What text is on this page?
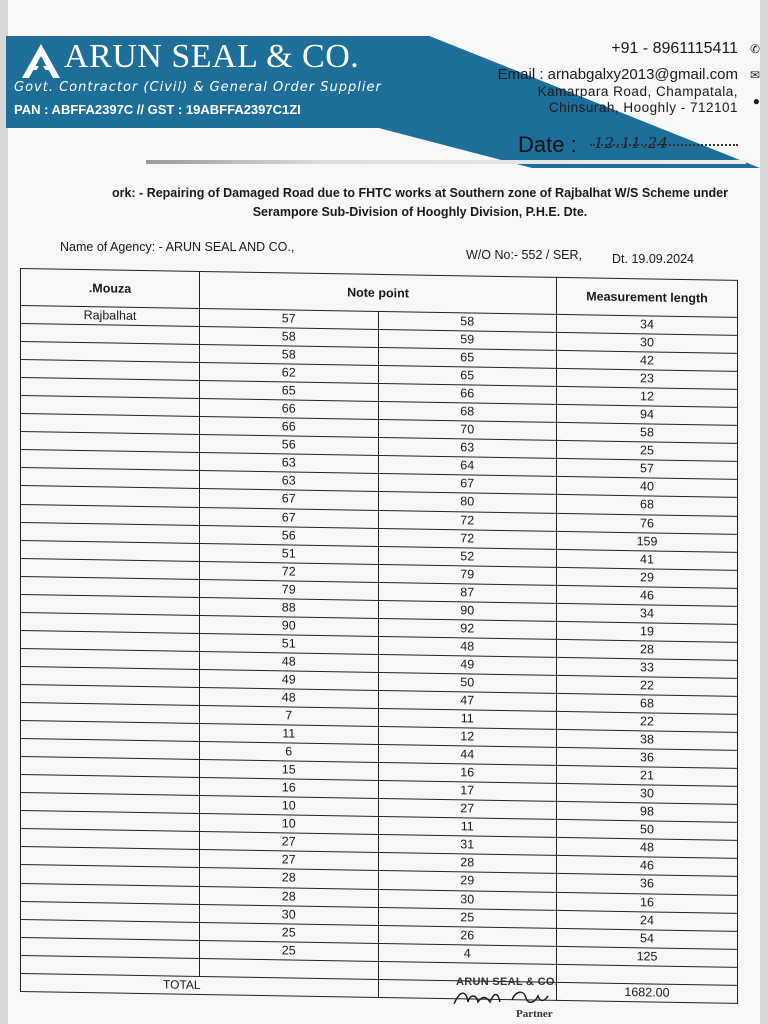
ARUN SEAL & CO.
Govt. Contractor (Civil) & General Order Supplier
PAN : ABFFA2397C // GST : 19ABFFA2397C1ZI
+91 - 8961115411 ✆
Email : arnabgalxy2013@gmail.com ✉
Kamarpara Road, Champatala,
Chinsurah, Hooghly - 712101 ●
Date : 12.11.24
ork: - Repairing of Damaged Road due to FHTC works at Southern zone of Rajbalhat W/S Scheme under
Serampore Sub-Division of Hooghly Division, P.H.E. Dte.
Name of Agency: - ARUN SEAL AND CO.,
W/O No:- 552 / SER, Dt. 19.09.2024
.Mouza	Note point		Measurement length
Rajbalhat	57	58	34
	58	59	30
	58	65	42
	62	65	23
	65	66	12
	66	68	94
	66	70	58
	56	63	25
	63	64	57
	63	67	40
	67	80	68
	67	72	76
	56	72	159
	51	52	41
	72	79	29
	79	87	46
	88	90	34
	90	92	19
	51	48	28
	48	49	33
	49	50	22
	48	47	68
	7	11	22
	11	12	38
	6	44	36
	15	16	21
	16	17	30
	10	27	98
	10	11	50
	27	31	48
	27	28	46
	28	29	36
	28	30	16
	30	25	24
	25	26	54
	25	4	125

TOTAL			1682.00
ARUN SEAL & CO.
Partner
